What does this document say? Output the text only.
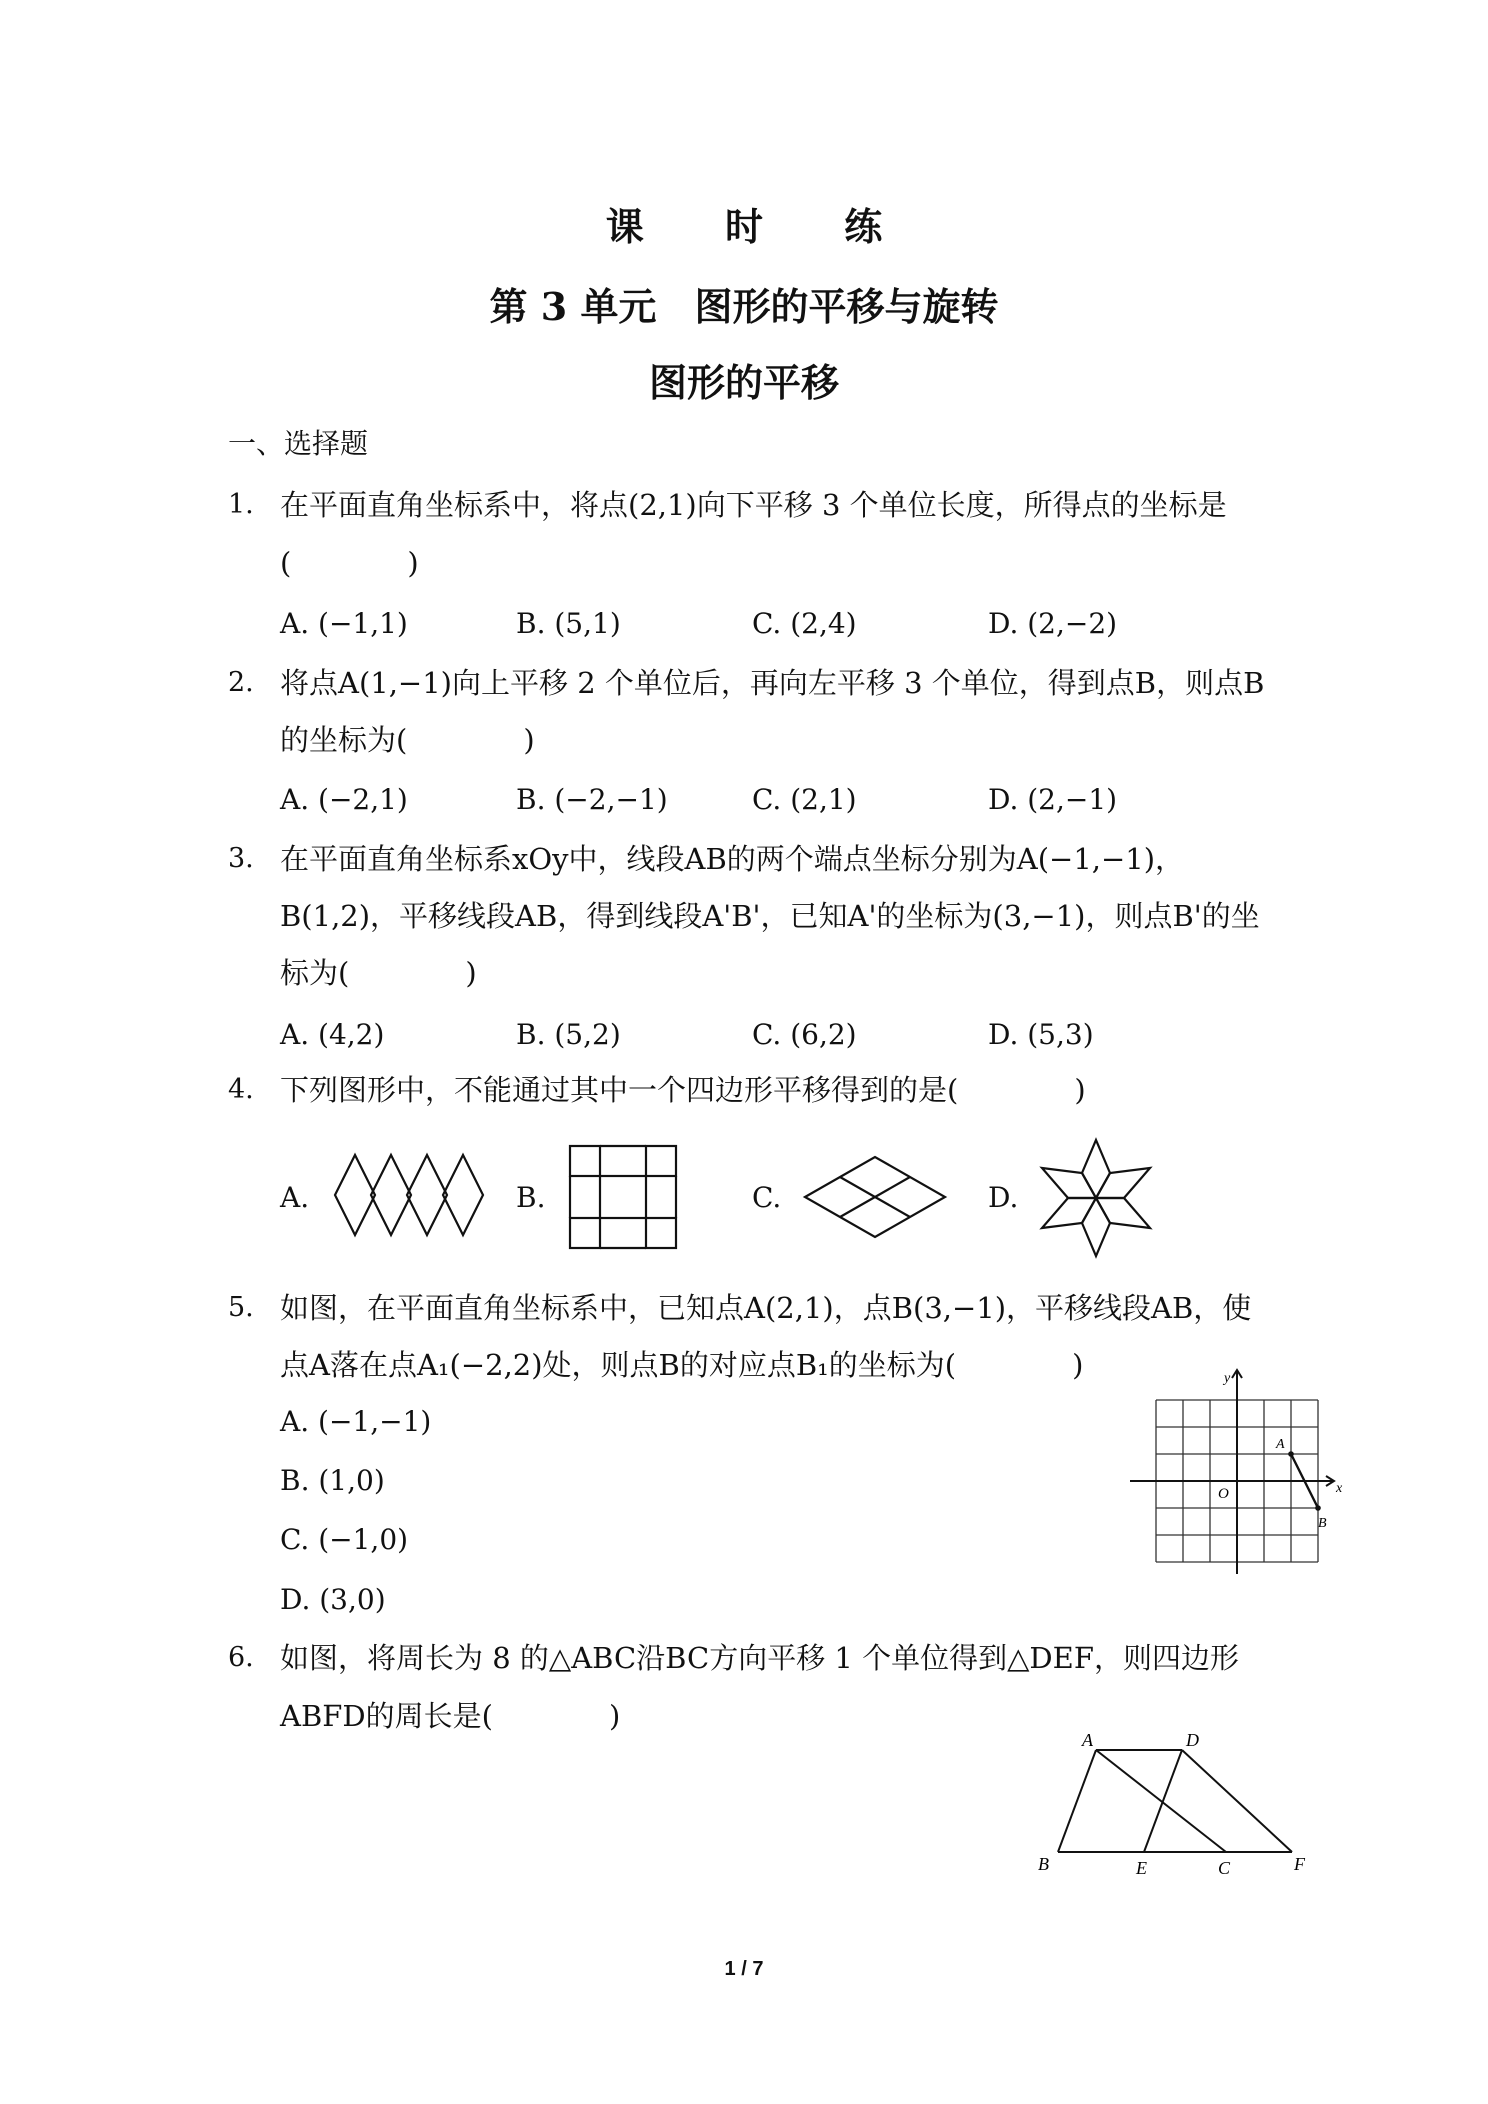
课 时 练
第 3 单元　图形的平移与旋转
图形的平移
一、选择题
1. 在平面直角坐标系中，将点(2,1)向下平移 3 个单位长度，所得点的坐标是
(　　　　)
A. (−1,1)	B. (5,1)	C. (2,4)	D. (2,−2)
2. 将点A(1,−1)向上平移 2 个单位后，再向左平移 3 个单位，得到点B，则点B
的坐标为(　　　　)
A. (−2,1)	B. (−2,−1)	C. (2,1)	D. (2,−1)
3. 在平面直角坐标系xOy中，线段AB的两个端点坐标分别为A(−1,−1)，
B(1,2)，平移线段AB，得到线段A'B'，已知A'的坐标为(3,−1)，则点B'的坐
标为(　　　　)
A. (4,2)	B. (5,2)	C. (6,2)	D. (5,3)
4. 下列图形中，不能通过其中一个四边形平移得到的是(　　　　)
A.	B.	C.	D.
5. 如图，在平面直角坐标系中，已知点A(2,1)，点B(3,−1)，平移线段AB，使
点A落在点A₁(−2,2)处，则点B的对应点B₁的坐标为(　　　　)
A. (−1,−1)
B. (1,0)
C. (−1,0)
D. (3,0)
y
x
O
A
B
6. 如图，将周长为 8 的△ABC沿BC方向平移 1 个单位得到△DEF，则四边形
ABFD的周长是(　　　　)
A	D
B	E	C	F
1 / 7
